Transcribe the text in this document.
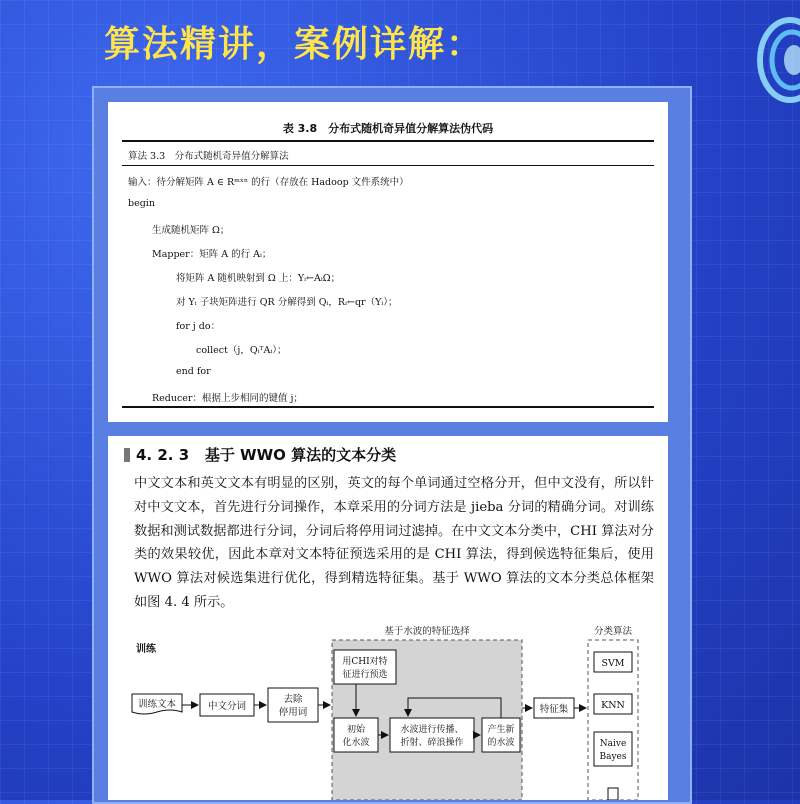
算法精讲，案例详解：
表 3.8　分布式随机奇异值分解算法伪代码
算法 3.3　分布式随机奇异值分解算法
输入：待分解矩阵 A ∈ Rᵐˣⁿ 的行（存放在 Hadoop 文件系统中）
begin
生成随机矩阵 Ω；
Mapper：矩阵 A 的行 Aᵢ；
将矩阵 A 随机映射到 Ω 上：Yᵢ←AᵢΩ；
对 Yᵢ 子块矩阵进行 QR 分解得到 Qᵢ，Rᵢ←qr（Yᵢ）；
for j do：
collect（j，QᵢᵀAᵢ）；
end for
Reducer：根据上步相同的键值 j；
4. 2. 3 基于 WWO 算法的文本分类
中文文本和英文文本有明显的区别，英文的每个单词通过空格分开，但中文没有，所以针对中文文本，首先进行分词操作，本章采用的分词方法是 jieba 分词的精确分词。对训练数据和测试数据都进行分词，分词后将停用词过滤掉。在中文文本分类中，CHI 算法对分类的效果较优，因此本章对文本特征预选采用的是 CHI 算法，得到候选特征集后，使用 WWO 算法对候选集进行优化，得到精选特征集。基于 WWO 算法的文本分类总体框架如图 4. 4 所示。
训练
基于水波的特征选择	分类算法
训练文本	中文分词
去除
停用词
用CHI对特
征进行预选
初始
化水波
水波进行传播、
折射、碎浪操作
产生新
的水波
特征集
SVM
KNN
Naive
Bayes
